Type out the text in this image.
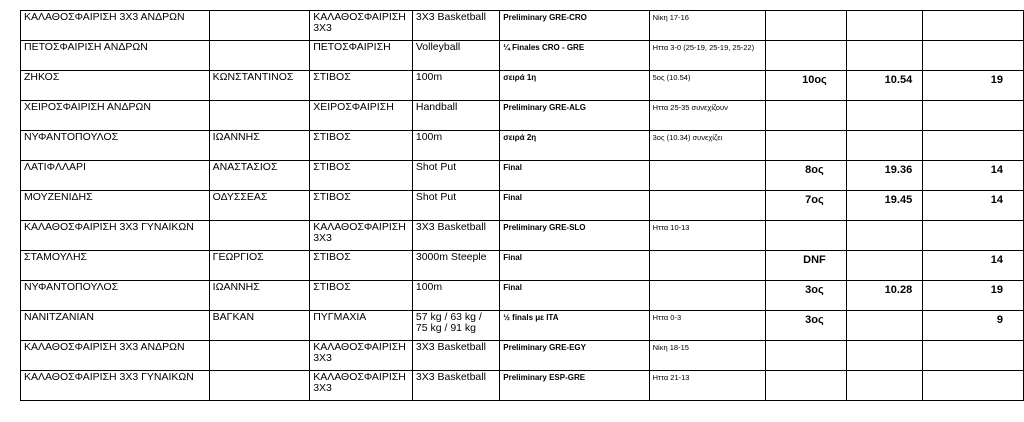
ΚΑΛΑΘΟΣΦΑΙΡΙΣΗ 3Χ3 ΑΝΔΡΩΝ		ΚΑΛΑΘΟΣΦΑΙΡΙΣΗ 3Χ3	3X3 Basketball	Preliminary GRE-CRO	Νίκη 17-16			
ΠΕΤΟΣΦΑΙΡΙΣΗ ΑΝΔΡΩΝ		ΠΕΤΟΣΦΑΙΡΙΣΗ	Volleyball	¼ Finales CRO - GRE	Ηττα 3-0 (25-19, 25-19, 25-22)			
ΖΗΚΟΣ	ΚΩΝΣΤΑΝΤΙΝΟΣ	ΣΤΙΒΟΣ	100m	σειρά 1η	5ος (10.54)	10ος	10.54	19
ΧΕΙΡΟΣΦΑΙΡΙΣΗ ΑΝΔΡΩΝ		ΧΕΙΡΟΣΦΑΙΡΙΣΗ	Handball	Preliminary GRE-ALG	Ηττα 25-35 συνεχίζουν			
ΝΥΦΑΝΤΟΠΟΥΛΟΣ	ΙΩΑΝΝΗΣ	ΣΤΙΒΟΣ	100m	σειρά 2η	3ος (10.34) συνεχίζει			
ΛΑΤΙΦΛΛΑΡΙ	ΑΝΑΣΤΑΣΙΟΣ	ΣΤΙΒΟΣ	Shot Put	Final		8ος	19.36	14
ΜΟΥΖΕΝΙΔΗΣ	ΟΔΥΣΣΕΑΣ	ΣΤΙΒΟΣ	Shot Put	Final		7ος	19.45	14
ΚΑΛΑΘΟΣΦΑΙΡΙΣΗ 3Χ3 ΓΥΝΑΙΚΩΝ		ΚΑΛΑΘΟΣΦΑΙΡΙΣΗ 3Χ3	3X3 Basketball	Preliminary GRE-SLO	Ηττα 10-13			
ΣΤΑΜΟΥΛΗΣ	ΓΕΩΡΓΙΟΣ	ΣΤΙΒΟΣ	3000m Steeple	Final		DNF		14
ΝΥΦΑΝΤΟΠΟΥΛΟΣ	ΙΩΑΝΝΗΣ	ΣΤΙΒΟΣ	100m	Final		3ος	10.28	19
ΝΑΝΙΤΖΑΝΙΑΝ	ΒΑΓΚΑΝ	ΠΥΓΜΑΧΙΑ	57 kg / 63 kg / 75 kg / 91 kg	½ finals με ITA	Ηττα 0-3	3ος		9
ΚΑΛΑΘΟΣΦΑΙΡΙΣΗ 3Χ3 ΑΝΔΡΩΝ		ΚΑΛΑΘΟΣΦΑΙΡΙΣΗ 3Χ3	3X3 Basketball	Preliminary GRE-EGY	Νίκη 18-15			
ΚΑΛΑΘΟΣΦΑΙΡΙΣΗ 3Χ3 ΓΥΝΑΙΚΩΝ		ΚΑΛΑΘΟΣΦΑΙΡΙΣΗ 3Χ3	3X3 Basketball	Preliminary ESP-GRE	Ηττα 21-13			
